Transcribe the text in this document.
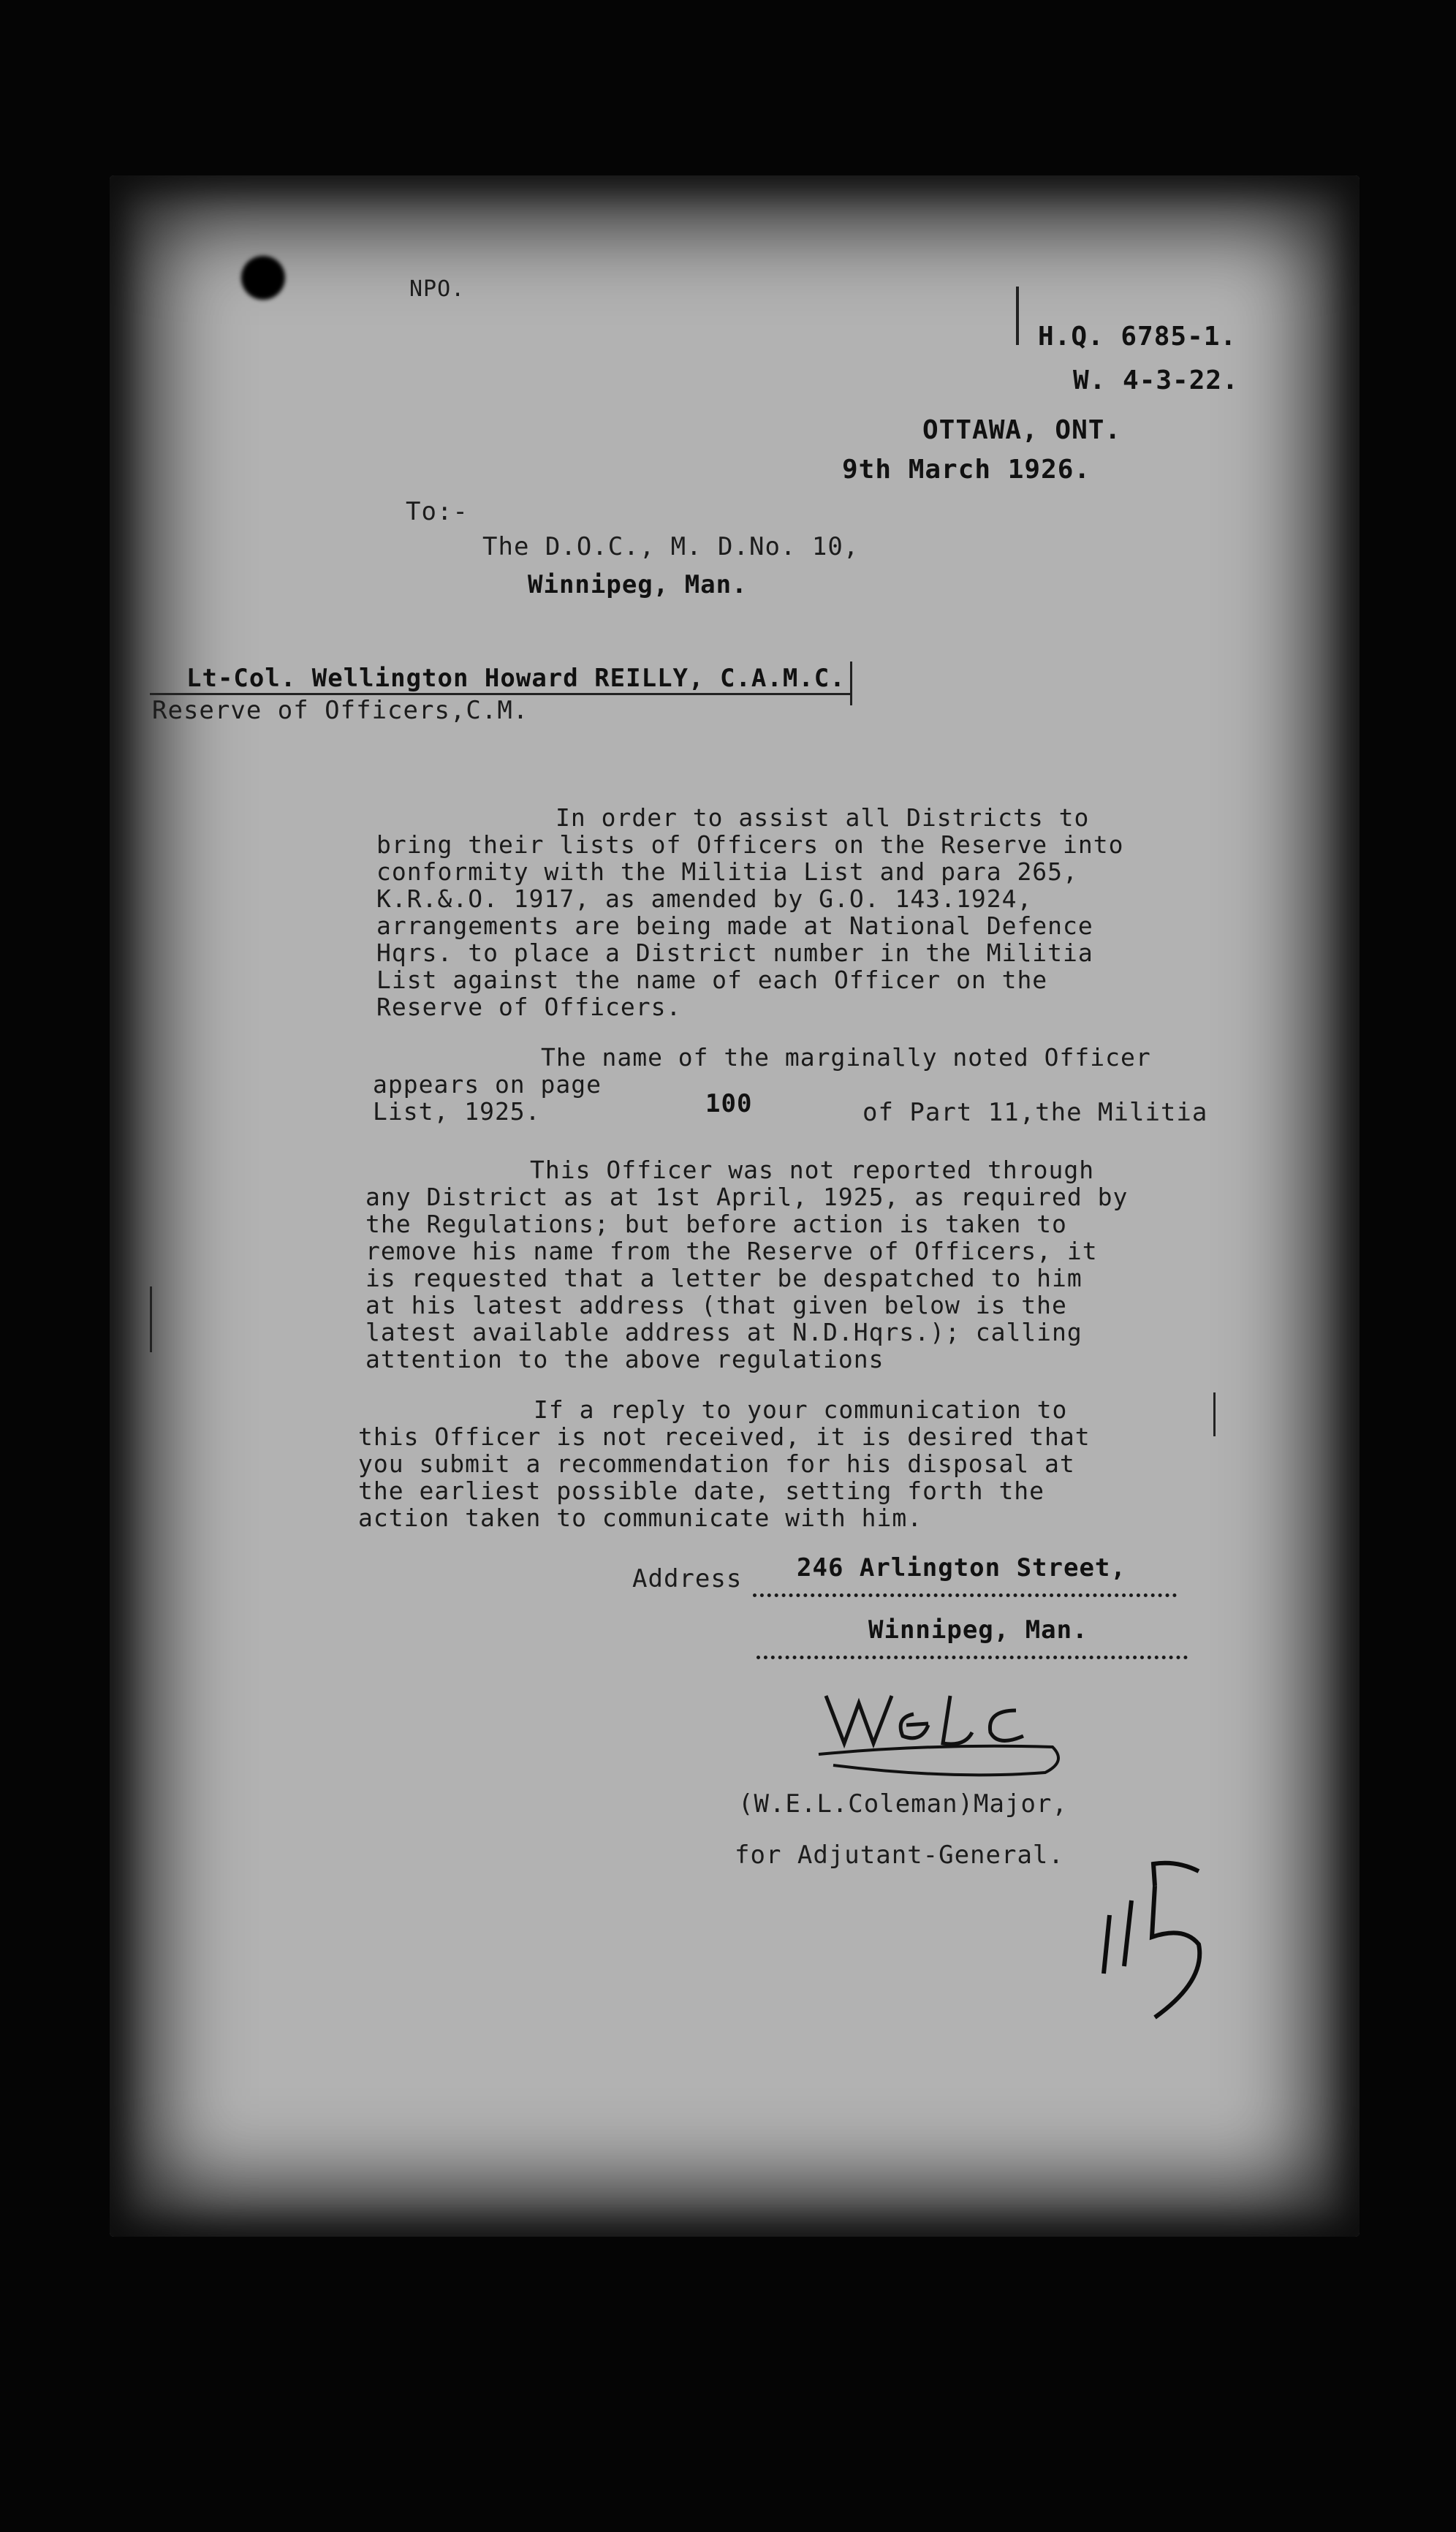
NPO.
H.Q. 6785-1.
W. 4-3-22.
OTTAWA, ONT.
9th March 1926.
To:-
The D.O.C., M. D.No. 10,
Winnipeg, Man.
Lt-Col. Wellington Howard REILLY, C.A.M.C.
Reserve of Officers,C.M.
In order to assist all Districts to
bring their lists of Officers on the Reserve into
conformity with the Militia List and para 265,
K.R.&.O. 1917, as amended by G.O. 143.1924,
arrangements are being made at National Defence
Hqrs. to place a District number in the Militia
List against the name of each Officer on the
Reserve of Officers.
The name of the marginally noted Officer
appears on page
List, 1925.	100	of Part 11,the Militia
This Officer was not reported through
any District as at 1st April, 1925, as required by
the Regulations; but before action is taken to
remove his name from the Reserve of Officers, it
is requested that a letter be despatched to him
at his latest address (that given below is the
latest available address at N.D.Hqrs.); calling
attention to the above regulations
If a reply to your communication to
this Officer is not received, it is desired that
you submit a recommendation for his disposal at
the earliest possible date, setting forth the
action taken to communicate with him.
Address 246 Arlington Street,
Winnipeg, Man.
(W.E.L.Coleman)Major,
for Adjutant-General.
